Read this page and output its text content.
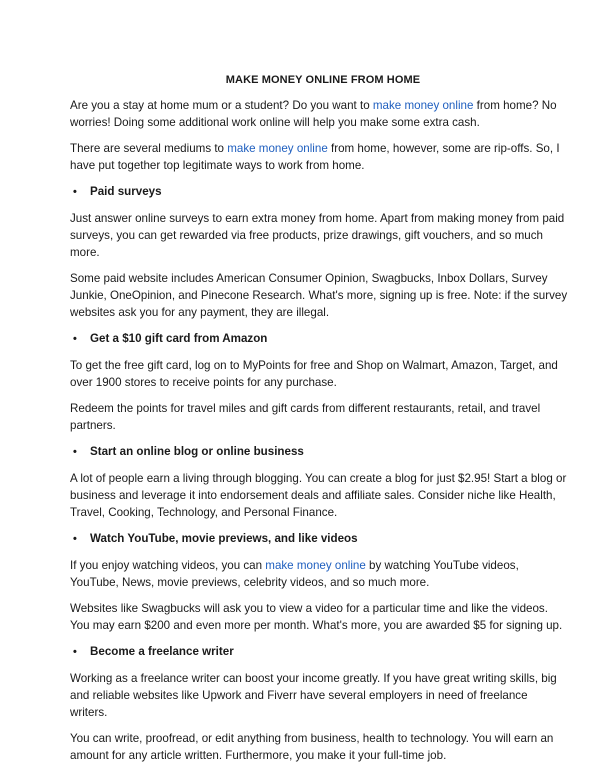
MAKE MONEY ONLINE FROM HOME

Are you a stay at home mum or a student? Do you want to make money online from home? No worries! Doing some additional work online will help you make some extra cash.

There are several mediums to make money online from home, however, some are rip-offs. So, I have put together top legitimate ways to work from home.

•	Paid surveys

Just answer online surveys to earn extra money from home. Apart from making money from paid surveys, you can get rewarded via free products, prize drawings, gift vouchers, and so much more.

Some paid website includes American Consumer Opinion, Swagbucks, Inbox Dollars, Survey Junkie, OneOpinion, and Pinecone Research. What's more, signing up is free. Note: if the survey websites ask you for any payment, they are illegal.

•	Get a $10 gift card from Amazon

To get the free gift card, log on to MyPoints for free and Shop on Walmart, Amazon, Target, and over 1900 stores to receive points for any purchase.

Redeem the points for travel miles and gift cards from different restaurants, retail, and travel partners.

•	Start an online blog or online business

A lot of people earn a living through blogging. You can create a blog for just $2.95! Start a blog or business and leverage it into endorsement deals and affiliate sales. Consider niche like Health, Travel, Cooking, Technology, and Personal Finance.

•	Watch YouTube, movie previews, and like videos

If you enjoy watching videos, you can make money online by watching YouTube videos, YouTube, News, movie previews, celebrity videos, and so much more.

Websites like Swagbucks will ask you to view a video for a particular time and like the videos. You may earn $200 and even more per month. What's more, you are awarded $5 for signing up.

•	Become a freelance writer

Working as a freelance writer can boost your income greatly. If you have great writing skills, big and reliable websites like Upwork and Fiverr have several employers in need of freelance writers.

You can write, proofread, or edit anything from business, health to technology. You will earn an amount for any article written. Furthermore, you make it your full-time job.
